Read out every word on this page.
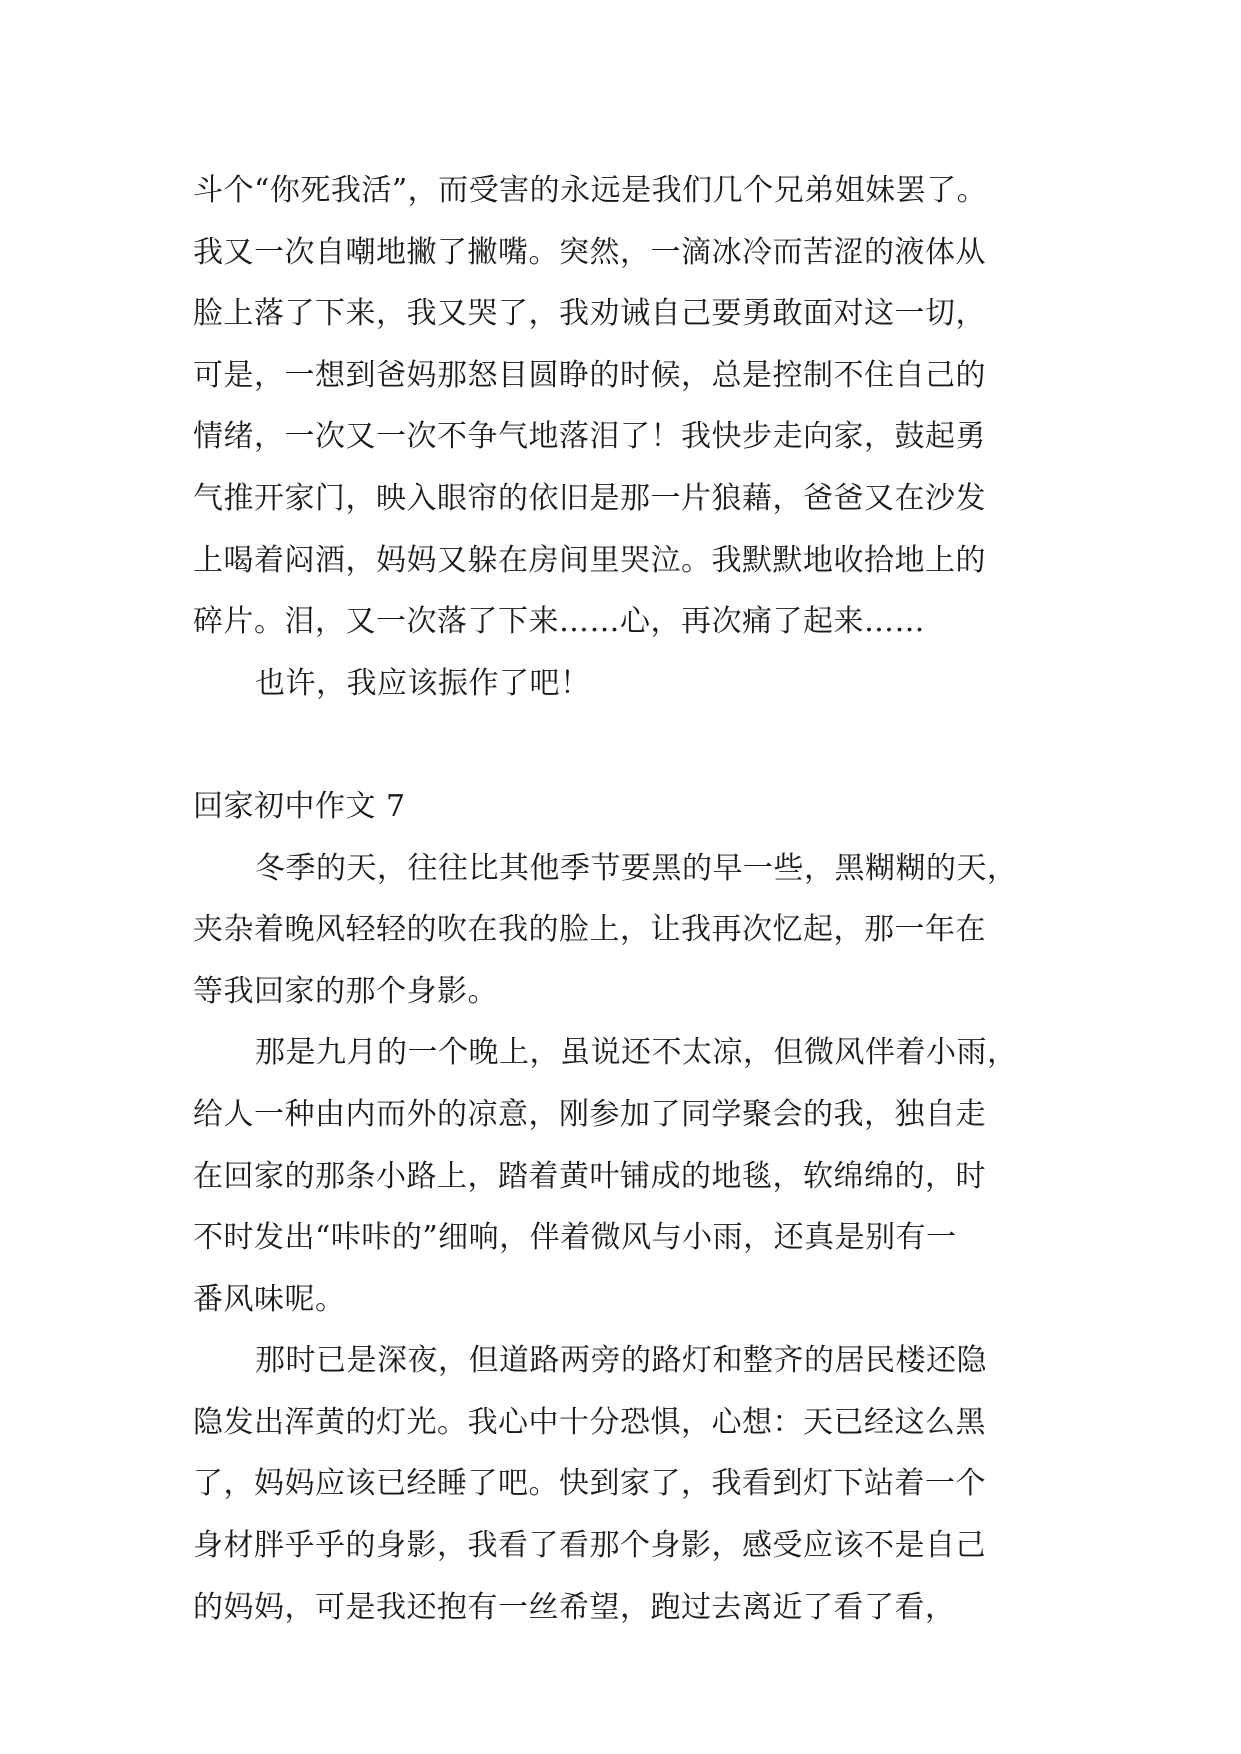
斗个“你死我活”，而受害的永远是我们几个兄弟姐妹罢了。
我又一次自嘲地撇了撇嘴。突然，一滴冰冷而苦涩的液体从
脸上落了下来，我又哭了，我劝诫自己要勇敢面对这一切，
可是，一想到爸妈那怒目圆睁的时候，总是控制不住自己的
情绪，一次又一次不争气地落泪了！我快步走向家，鼓起勇
气推开家门，映入眼帘的依旧是那一片狼藉，爸爸又在沙发
上喝着闷酒，妈妈又躲在房间里哭泣。我默默地收拾地上的
碎片。泪，又一次落了下来……心，再次痛了起来……
也许，我应该振作了吧！
回家初中作文 7
冬季的天，往往比其他季节要黑的早一些，黑糊糊的天，
夹杂着晚风轻轻的吹在我的脸上，让我再次忆起，那一年在
等我回家的那个身影。
那是九月的一个晚上，虽说还不太凉，但微风伴着小雨，
给人一种由内而外的凉意，刚参加了同学聚会的我，独自走
在回家的那条小路上，踏着黄叶铺成的地毯，软绵绵的，时
不时发出“咔咔的”细响，伴着微风与小雨，还真是别有一
番风味呢。
那时已是深夜，但道路两旁的路灯和整齐的居民楼还隐
隐发出浑黄的灯光。我心中十分恐惧，心想：天已经这么黑
了，妈妈应该已经睡了吧。快到家了，我看到灯下站着一个
身材胖乎乎的身影，我看了看那个身影，感受应该不是自己
的妈妈，可是我还抱有一丝希望，跑过去离近了看了看，
